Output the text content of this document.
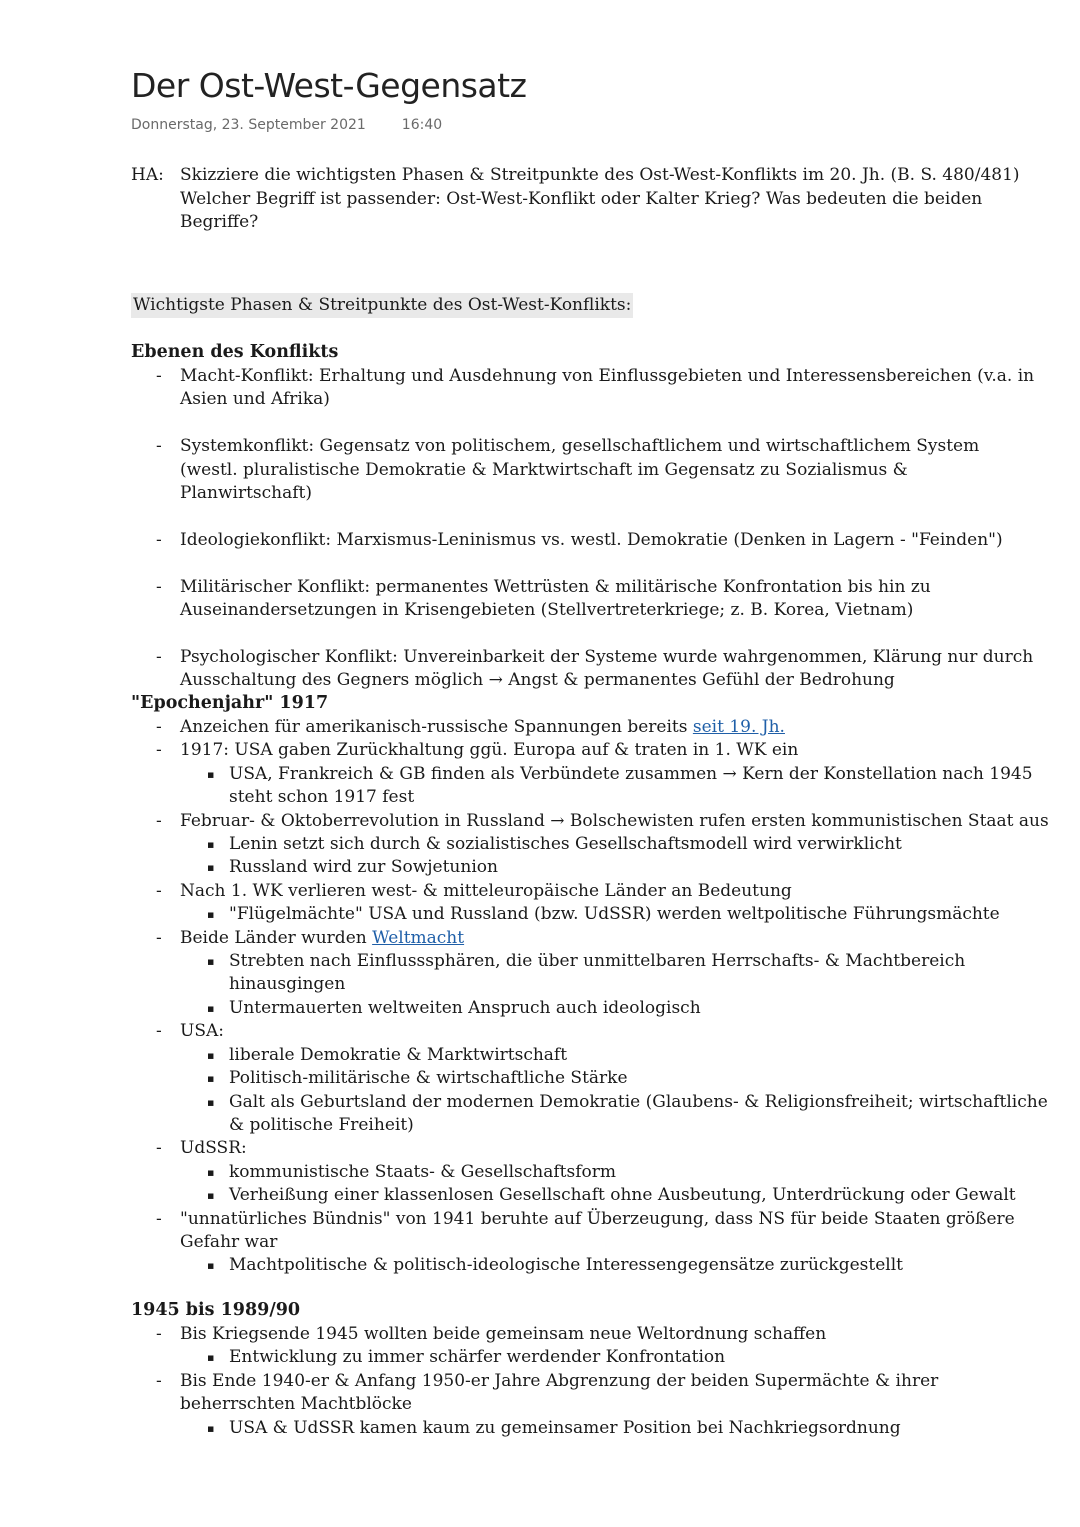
Der Ost-West-Gegensatz
Donnerstag, 23. September 2021	16:40
HA: Skizziere die wichtigsten Phasen & Streitpunkte des Ost-West-Konflikts im 20. Jh. (B. S. 480/481)
Welcher Begriff ist passender: Ost-West-Konflikt oder Kalter Krieg? Was bedeuten die beiden
Begriffe?
Wichtigste Phasen & Streitpunkte des Ost-West-Konflikts:
Ebenen des Konflikts
- Macht-Konflikt: Erhaltung und Ausdehnung von Einflussgebieten und Interessensbereichen (v.a. in Asien und Afrika)
- Systemkonflikt: Gegensatz von politischem, gesellschaftlichem und wirtschaftlichem System (westl. pluralistische Demokratie & Marktwirtschaft im Gegensatz zu Sozialismus & Planwirtschaft)
- Ideologiekonflikt: Marxismus-Leninismus vs. westl. Demokratie (Denken in Lagern - "Feinden")
- Militärischer Konflikt: permanentes Wettrüsten & militärische Konfrontation bis hin zu Auseinandersetzungen in Krisengebieten (Stellvertreterkriege; z. B. Korea, Vietnam)
- Psychologischer Konflikt: Unvereinbarkeit der Systeme wurde wahrgenommen, Klärung nur durch Ausschaltung des Gegners möglich → Angst & permanentes Gefühl der Bedrohung
"Epochenjahr" 1917
- Anzeichen für amerikanisch-russische Spannungen bereits seit 19. Jh.
- 1917: USA gaben Zurückhaltung ggü. Europa auf & traten in 1. WK ein
▪ USA, Frankreich & GB finden als Verbündete zusammen → Kern der Konstellation nach 1945 steht schon 1917 fest
- Februar- & Oktoberrevolution in Russland → Bolschewisten rufen ersten kommunistischen Staat aus
▪ Lenin setzt sich durch & sozialistisches Gesellschaftsmodell wird verwirklicht
▪ Russland wird zur Sowjetunion
- Nach 1. WK verlieren west- & mitteleuropäische Länder an Bedeutung
▪ "Flügelmächte" USA und Russland (bzw. UdSSR) werden weltpolitische Führungsmächte
- Beide Länder wurden Weltmacht
▪ Strebten nach Einflusssphären, die über unmittelbaren Herrschafts- & Machtbereich hinausgingen
▪ Untermauerten weltweiten Anspruch auch ideologisch
- USA:
▪ liberale Demokratie & Marktwirtschaft
▪ Politisch-militärische & wirtschaftliche Stärke
▪ Galt als Geburtsland der modernen Demokratie (Glaubens- & Religionsfreiheit; wirtschaftliche & politische Freiheit)
- UdSSR:
▪ kommunistische Staats- & Gesellschaftsform
▪ Verheißung einer klassenlosen Gesellschaft ohne Ausbeutung, Unterdrückung oder Gewalt
- "unnatürliches Bündnis" von 1941 beruhte auf Überzeugung, dass NS für beide Staaten größere Gefahr war
▪ Machtpolitische & politisch-ideologische Interessengegensätze zurückgestellt
1945 bis 1989/90
- Bis Kriegsende 1945 wollten beide gemeinsam neue Weltordnung schaffen
▪ Entwicklung zu immer schärfer werdender Konfrontation
- Bis Ende 1940-er & Anfang 1950-er Jahre Abgrenzung der beiden Supermächte & ihrer beherrschten Machtblöcke
▪ USA & UdSSR kamen kaum zu gemeinsamer Position bei Nachkriegsordnung
